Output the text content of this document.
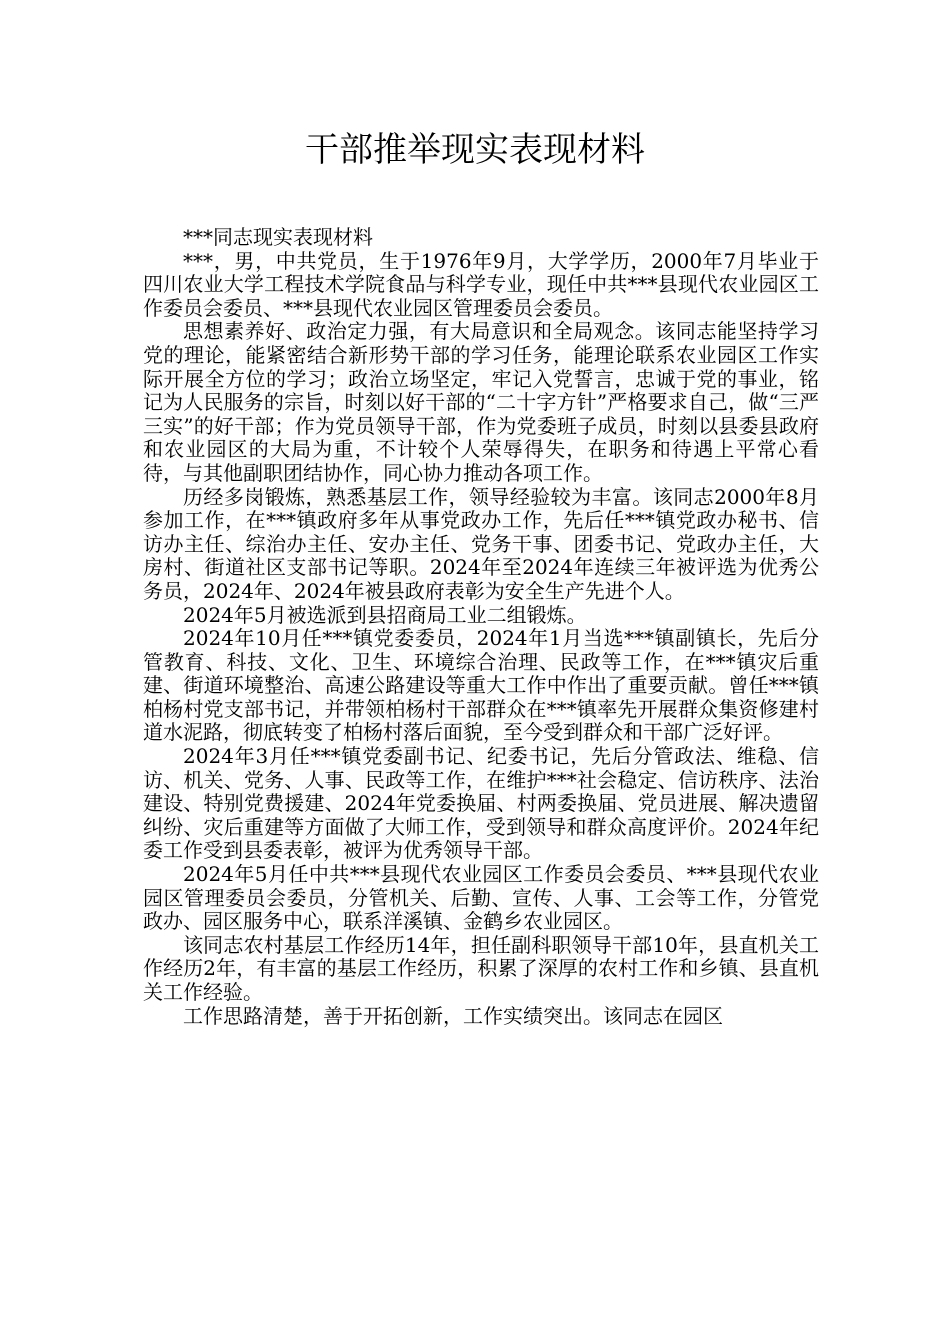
干部推举现实表现材料

***同志现实表现材料

***，男，中共党员，生于1976年9月，大学学历，2000年7月毕业于四川农业大学工程技术学院食品与科学专业，现任中共***县现代农业园区工作委员会委员、***县现代农业园区管理委员会委员。

思想素养好、政治定力强，有大局意识和全局观念。该同志能坚持学习党的理论，能紧密结合新形势干部的学习任务，能理论联系农业园区工作实际开展全方位的学习；政治立场坚定，牢记入党誓言，忠诚于党的事业，铭记为人民服务的宗旨，时刻以好干部的“二十字方针”严格要求自己，做“三严三实”的好干部；作为党员领导干部，作为党委班子成员，时刻以县委县政府和农业园区的大局为重，不计较个人荣辱得失，在职务和待遇上平常心看待，与其他副职团结协作，同心协力推动各项工作。

历经多岗锻炼，熟悉基层工作，领导经验较为丰富。该同志2000年8月参加工作，在***镇政府多年从事党政办工作，先后任***镇党政办秘书、信访办主任、综治办主任、安办主任、党务干事、团委书记、党政办主任，大房村、街道社区支部书记等职。2024年至2024年连续三年被评选为优秀公务员，2024年、2024年被县政府表彰为安全生产先进个人。

2024年5月被选派到县招商局工业二组锻炼。

2024年10月任***镇党委委员，2024年1月当选***镇副镇长，先后分管教育、科技、文化、卫生、环境综合治理、民政等工作，在***镇灾后重建、街道环境整治、高速公路建设等重大工作中作出了重要贡献。曾任***镇柏杨村党支部书记，并带领柏杨村干部群众在***镇率先开展群众集资修建村道水泥路，彻底转变了柏杨村落后面貌，至今受到群众和干部广泛好评。

2024年3月任***镇党委副书记、纪委书记，先后分管政法、维稳、信访、机关、党务、人事、民政等工作，在维护***社会稳定、信访秩序、法治建设、特别党费援建、2024年党委换届、村两委换届、党员进展、解决遗留纠纷、灾后重建等方面做了大师工作，受到领导和群众高度评价。2024年纪委工作受到县委表彰，被评为优秀领导干部。

2024年5月任中共***县现代农业园区工作委员会委员、***县现代农业园区管理委员会委员，分管机关、后勤、宣传、人事、工会等工作，分管党政办、园区服务中心，联系洋溪镇、金鹤乡农业园区。

该同志农村基层工作经历14年，担任副科职领导干部10年，县直机关工作经历2年，有丰富的基层工作经历，积累了深厚的农村工作和乡镇、县直机关工作经验。

工作思路清楚，善于开拓创新，工作实绩突出。该同志在园区
